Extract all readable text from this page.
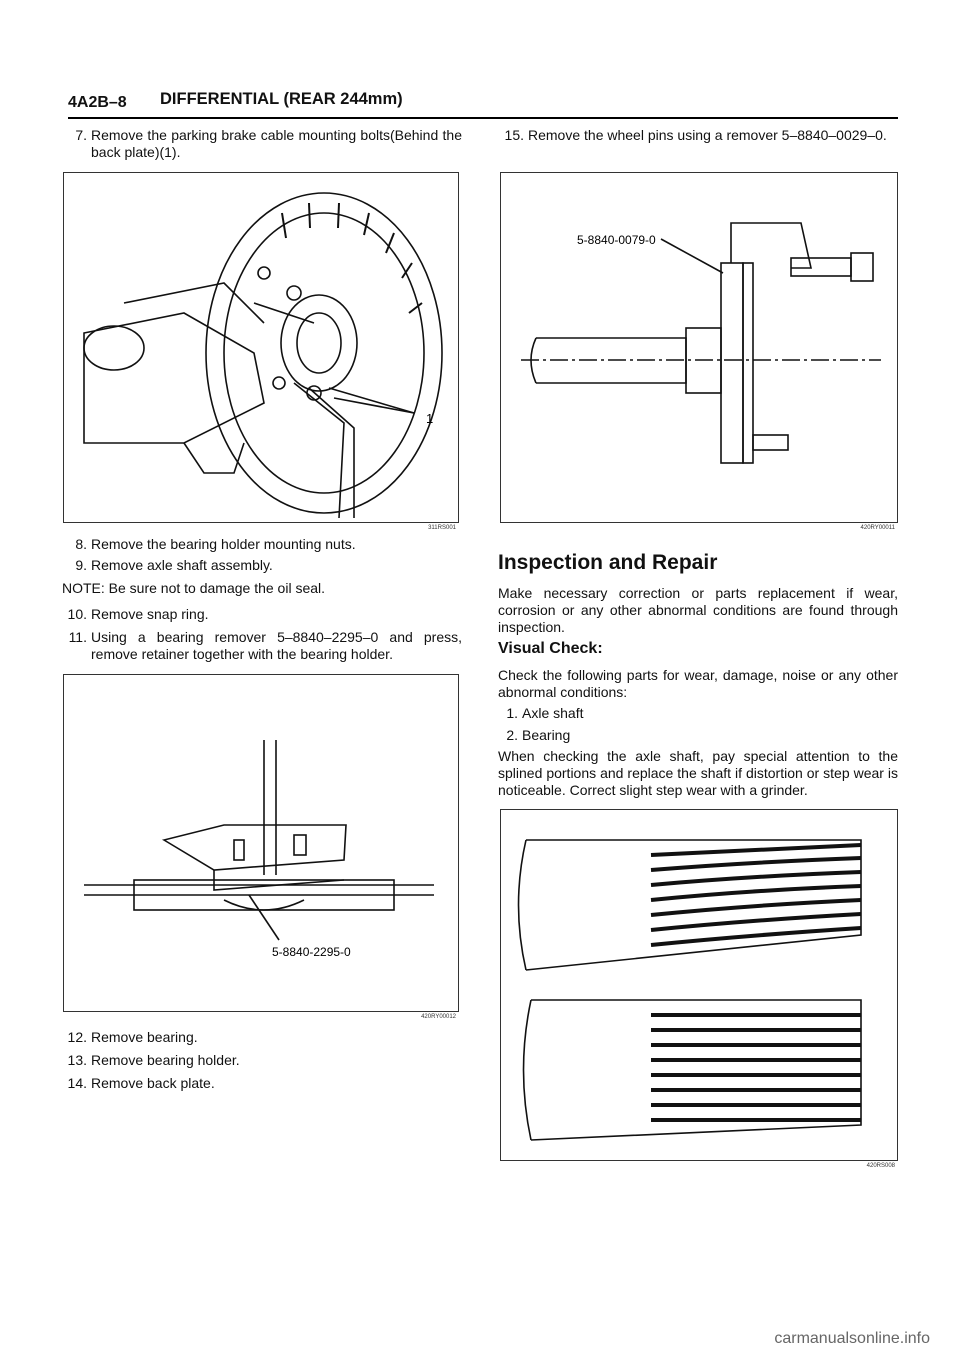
4A2B–8 DIFFERENTIAL (REAR 244mm)
7. Remove the parking brake cable mounting bolts(Behind the back plate)(1).
1
311RS001
8. Remove the bearing holder mounting nuts.
9. Remove axle shaft assembly.
NOTE: Be sure not to damage the oil seal.
10. Remove snap ring.
11. Using a bearing remover 5–8840–2295–0 and press, remove retainer together with the bearing holder.
5-8840-2295-0
420RY00012
12. Remove bearing.
13. Remove bearing holder.
14. Remove back plate.
15. Remove the wheel pins using a remover 5–8840–0029–0.
5-8840-0079-0
420RY00011
Inspection and Repair
Make necessary correction or parts replacement if wear, corrosion or any other abnormal conditions are found through inspection.
Visual Check:
Check the following parts for wear, damage, noise or any other abnormal conditions:
1. Axle shaft
2. Bearing
When checking the axle shaft, pay special attention to the splined portions and replace the shaft if distortion or step wear is noticeable. Correct slight step wear with a grinder.
420RS008
carmanualsonline.info
